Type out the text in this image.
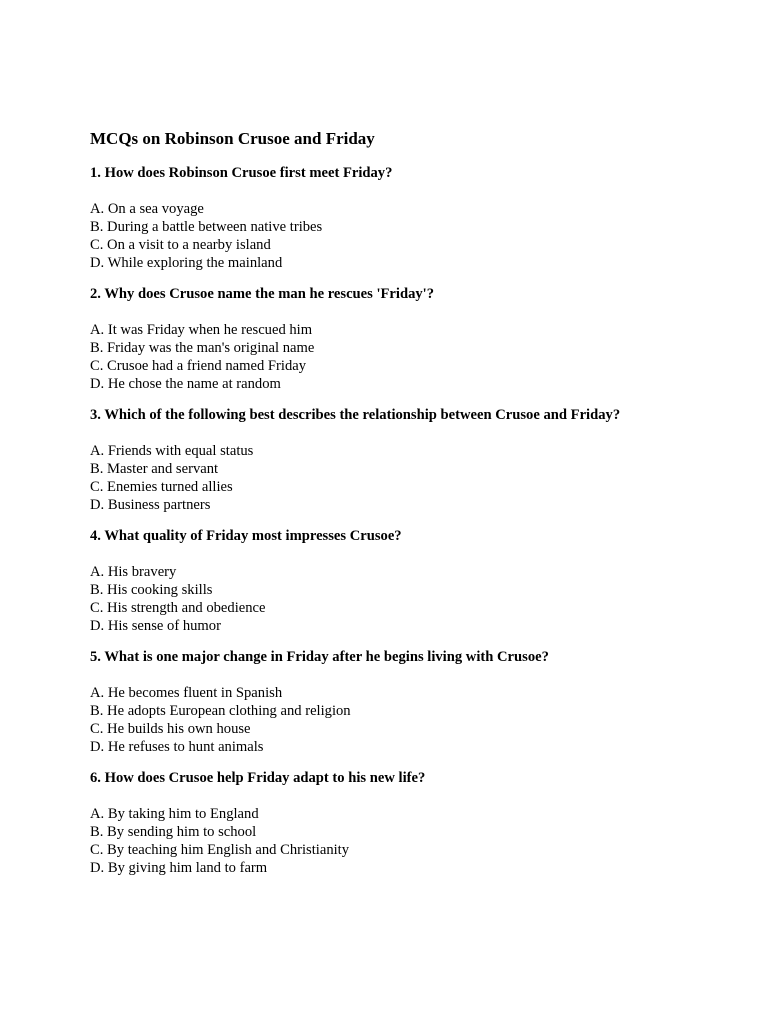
MCQs on Robinson Crusoe and Friday
1. How does Robinson Crusoe first meet Friday?
A. On a sea voyage
B. During a battle between native tribes
C. On a visit to a nearby island
D. While exploring the mainland
2. Why does Crusoe name the man he rescues 'Friday'?
A. It was Friday when he rescued him
B. Friday was the man's original name
C. Crusoe had a friend named Friday
D. He chose the name at random
3. Which of the following best describes the relationship between Crusoe and Friday?
A. Friends with equal status
B. Master and servant
C. Enemies turned allies
D. Business partners
4. What quality of Friday most impresses Crusoe?
A. His bravery
B. His cooking skills
C. His strength and obedience
D. His sense of humor
5. What is one major change in Friday after he begins living with Crusoe?
A. He becomes fluent in Spanish
B. He adopts European clothing and religion
C. He builds his own house
D. He refuses to hunt animals
6. How does Crusoe help Friday adapt to his new life?
A. By taking him to England
B. By sending him to school
C. By teaching him English and Christianity
D. By giving him land to farm
